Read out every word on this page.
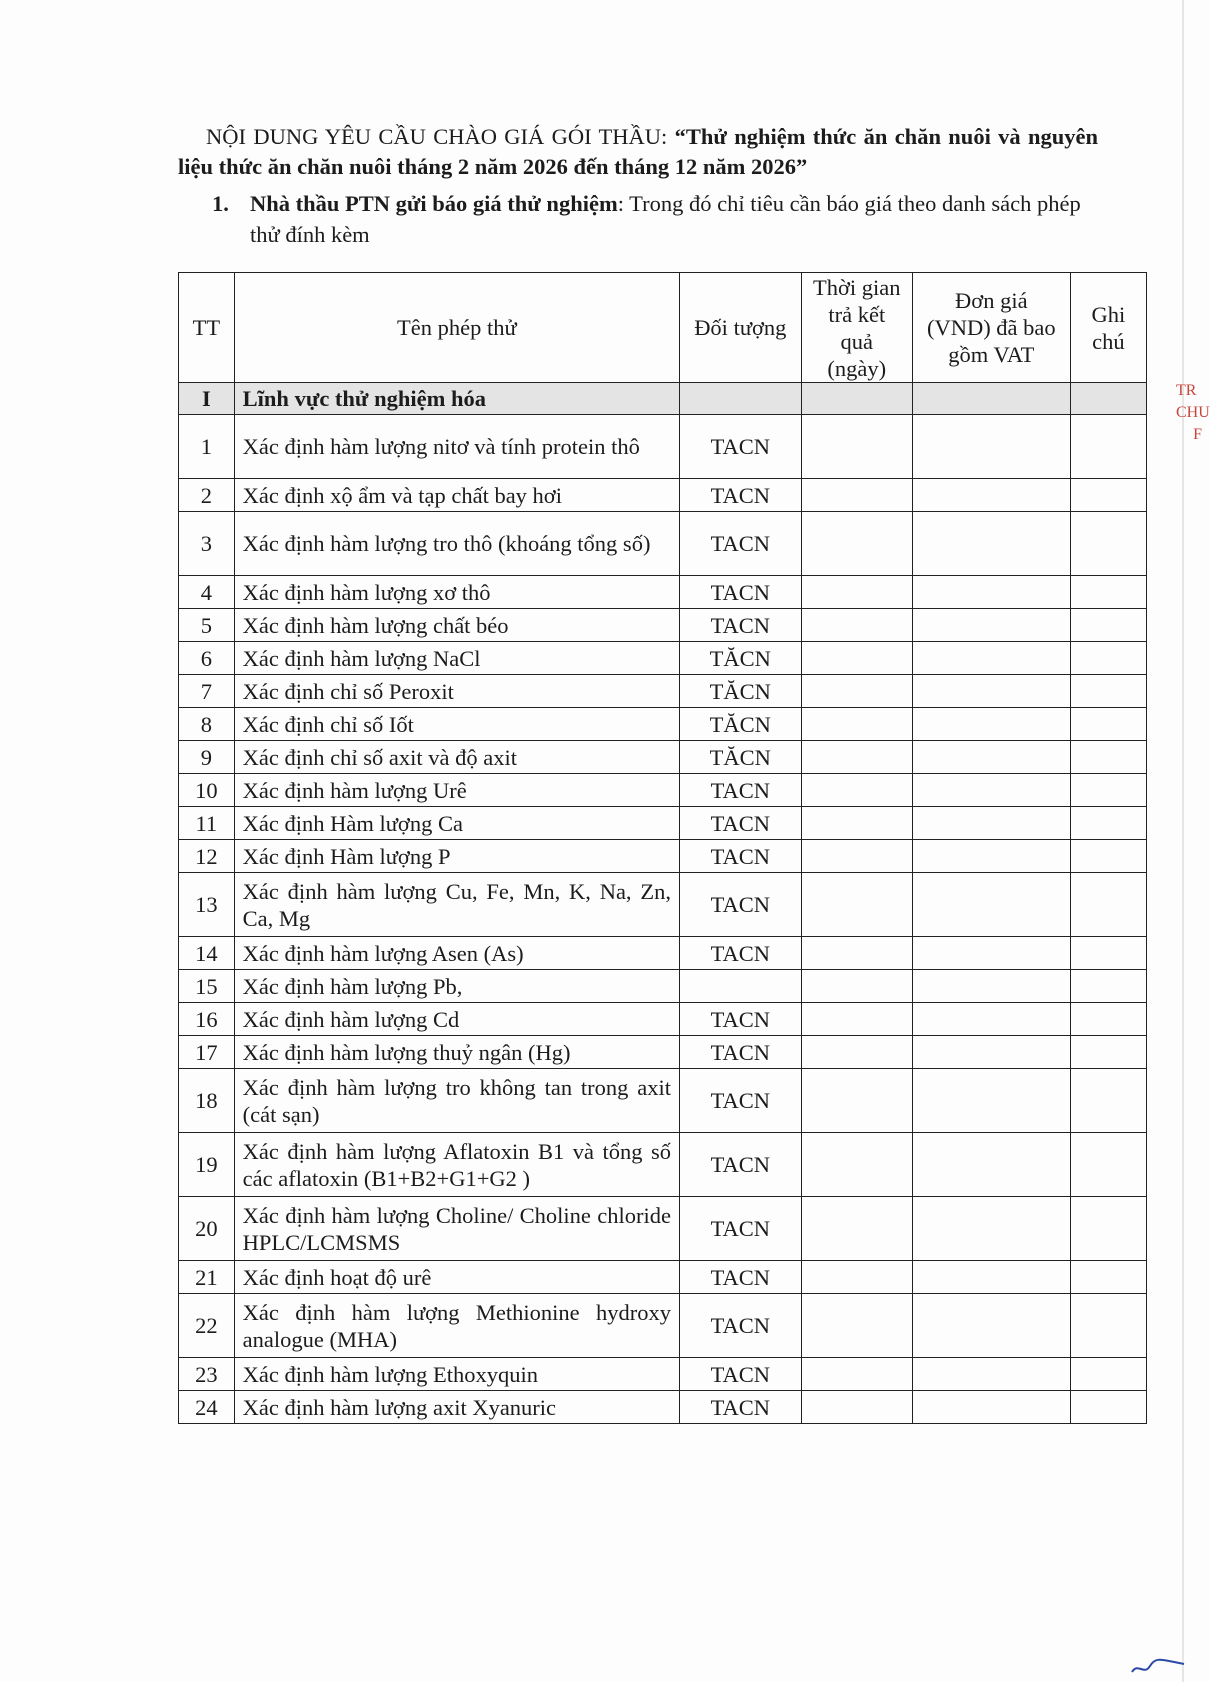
NỘI DUNG YÊU CẦU CHÀO GIÁ GÓI THẦU: “Thử nghiệm thức ăn chăn nuôi và nguyên liệu thức ăn chăn nuôi tháng 2 năm 2026 đến tháng 12 năm 2026”
1. Nhà thầu PTN gửi báo giá thử nghiệm: Trong đó chỉ tiêu cần báo giá theo danh sách phép thử đính kèm
TT	Tên phép thử	Đối tượng	Thời gian trả kết quả (ngày)	Đơn giá (VND) đã bao gồm VAT	Ghi chú
I	Lĩnh vực thử nghiệm hóa				
1	Xác định hàm lượng nitơ và tính protein thô	TACN			
2	Xác định xộ ẩm và tạp chất bay hơi	TACN			
3	Xác định hàm lượng tro thô (khoáng tổng số)	TACN			
4	Xác định hàm lượng xơ thô	TACN			
5	Xác định hàm lượng chất béo	TACN			
6	Xác định hàm lượng NaCl	TĂCN			
7	Xác định chỉ số Peroxit	TĂCN			
8	Xác định chỉ số Iốt	TĂCN			
9	Xác định chỉ số axit và độ axit	TĂCN			
10	Xác định hàm lượng Urê	TACN			
11	Xác định Hàm lượng Ca	TACN			
12	Xác định Hàm lượng P	TACN			
13	Xác định hàm lượng Cu, Fe, Mn, K, Na, Zn, Ca, Mg	TACN			
14	Xác định hàm lượng Asen (As)	TACN			
15	Xác định hàm lượng Pb,				
16	Xác định hàm lượng Cd	TACN			
17	Xác định hàm lượng thuỷ ngân (Hg)	TACN			
18	Xác định hàm lượng tro không tan trong axit (cát sạn)	TACN			
19	Xác định hàm lượng Aflatoxin B1 và tổng số các aflatoxin (B1+B2+G1+G2 )	TACN			
20	Xác định hàm lượng Choline/ Choline chloride HPLC/LCMSMS	TACN			
21	Xác định hoạt độ urê	TACN			
22	Xác định hàm lượng Methionine hydroxy analogue (MHA)	TACN			
23	Xác định hàm lượng Ethoxyquin	TACN			
24	Xác định hàm lượng axit Xyanuric	TACN			
TR
CHU
F
